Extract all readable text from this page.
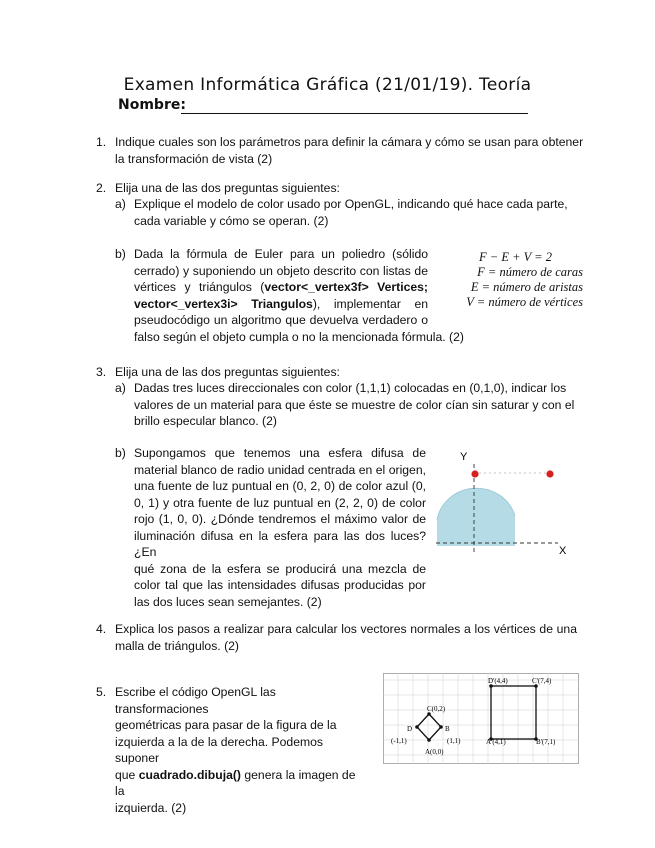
Examen Informática Gráfica (21/01/19). Teoría
Nombre:
1. Indique cuales son los parámetros para definir la cámara y cómo se usan para obtener
la transformación de vista (2)
2. Elija una de las dos preguntas siguientes:
a) Explique el modelo de color usado por OpenGL, indicando qué hace cada parte,
cada variable y cómo se operan. (2)
b) Dada la fórmula de Euler para un poliedro (sólido
cerrado) y suponiendo un objeto descrito con listas de
vértices y triángulos (vector<_vertex3f> Vertices;
vector<_vertex3i> Triangulos), implementar en
pseudocódigo un algoritmo que devuelva verdadero o
falso según el objeto cumpla o no la mencionada fórmula. (2)
F − E + V = 2
F = número de caras
E = número de aristas
V = número de vértices
3. Elija una de las dos preguntas siguientes:
a) Dadas tres luces direccionales con color (1,1,1) colocadas en (0,1,0), indicar los
valores de un material para que éste se muestre de color cían sin saturar y con el
brillo especular blanco. (2)
b) Supongamos que tenemos una esfera difusa de
material blanco de radio unidad centrada en el origen,
una fuente de luz puntual en (0, 2, 0) de color azul (0,
0, 1) y otra fuente de luz puntual en (2, 2, 0) de color
rojo (1, 0, 0). ¿Dónde tendremos el máximo valor de
iluminación difusa en la esfera para las dos luces? ¿En
qué zona de la esfera se producirá una mezcla de
color tal que las intensidades difusas producidas por
las dos luces sean semejantes. (2)
Y
X
4. Explica los pasos a realizar para calcular los vectores normales a los vértices de una
malla de triángulos. (2)
5. Escribe el código OpenGL las transformaciones
geométricas para pasar de la figura de la
izquierda a la de la derecha. Podemos suponer
que cuadrado.dibuja() genera la imagen de la
izquierda. (2)
C(0,2)
D
(-1,1)
B
(1,1)
A(0,0)
D'(4,4)	C'(7,4)
A'(4,1)	B'(7,1)
